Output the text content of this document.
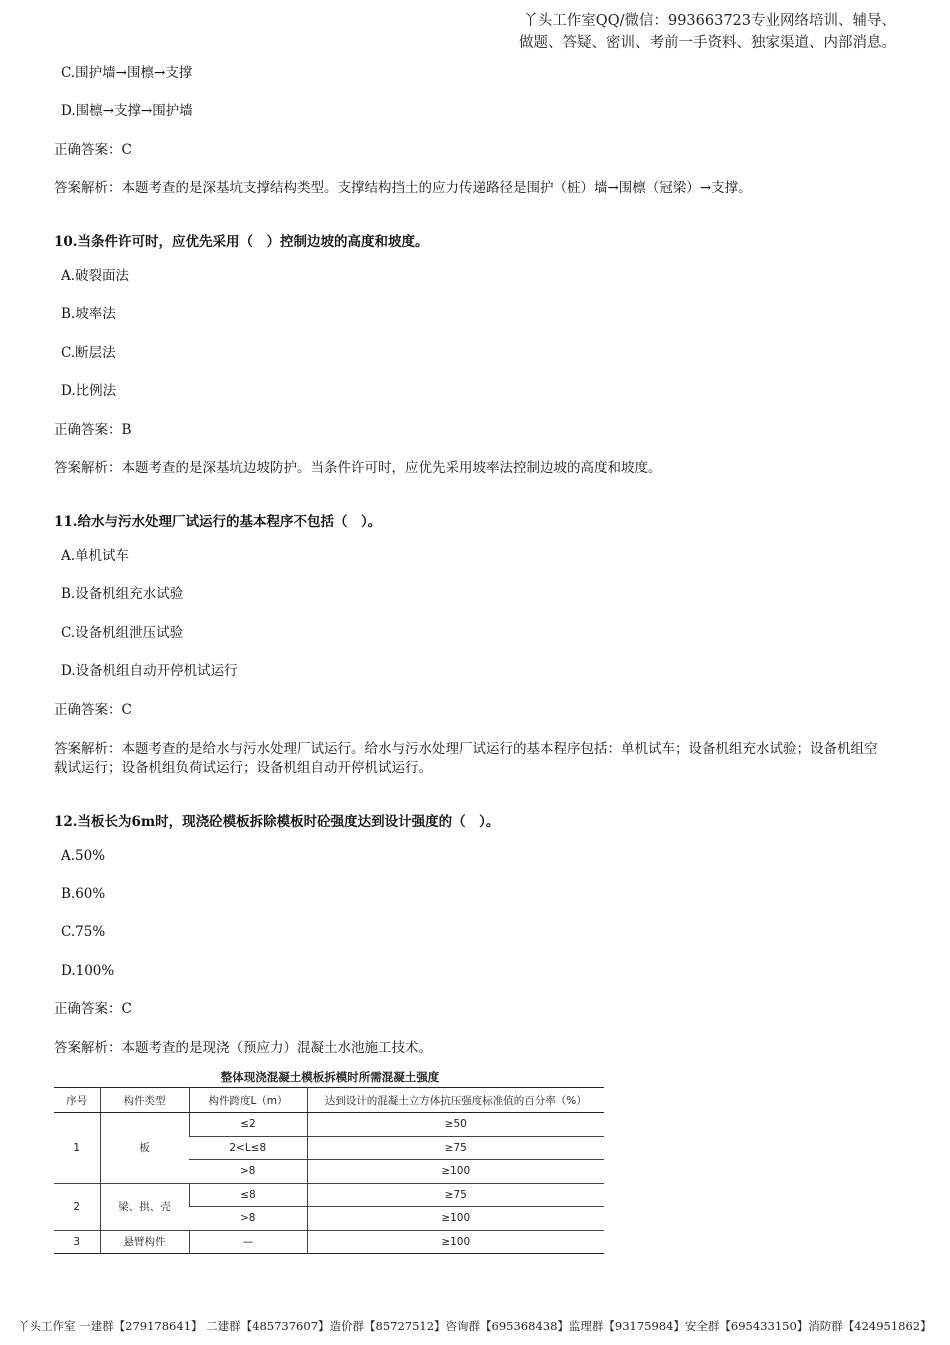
丫头工作室QQ/微信：993663723专业网络培训、辅导、
做题、答疑、密训、考前一手资料、独家渠道、内部消息。
C.围护墙→围檩→支撑
D.围檩→支撑→围护墙
正确答案：C
答案解析：本题考查的是深基坑支撑结构类型。支撑结构挡土的应力传递路径是围护（桩）墙→围檩（冠梁）→支撑。
10.当条件许可时，应优先采用（　）控制边坡的高度和坡度。
A.破裂面法
B.坡率法
C.断层法
D.比例法
正确答案：B
答案解析：本题考查的是深基坑边坡防护。当条件许可时，应优先采用坡率法控制边坡的高度和坡度。
11.给水与污水处理厂试运行的基本程序不包括（　）。
A.单机试车
B.设备机组充水试验
C.设备机组泄压试验
D.设备机组自动开停机试运行
正确答案：C
答案解析：本题考查的是给水与污水处理厂试运行。给水与污水处理厂试运行的基本程序包括：单机试车；设备机组充水试验；设备机组空载试运行；设备机组负荷试运行；设备机组自动开停机试运行。
12.当板长为6m时，现浇砼模板拆除模板时砼强度达到设计强度的（　）。
A.50%
B.60%
C.75%
D.100%
正确答案：C
答案解析：本题考查的是现浇（预应力）混凝土水池施工技术。
整体现浇混凝土模板拆模时所需混凝土强度
序号	构件类型	构件跨度L（m）	达到设计的混凝土立方体抗压强度标准值的百分率（%）
1	板	≤2	≥50
		2<L≤8	≥75
		>8	≥100
2	梁、拱、壳	≤8	≥75
		>8	≥100
3	悬臂构件	—	≥100
丫头工作室 一建群【279178641】 二建群【485737607】造价群【85727512】咨询群【695368438】监理群【93175984】安全群【695433150】消防群【424951862】
